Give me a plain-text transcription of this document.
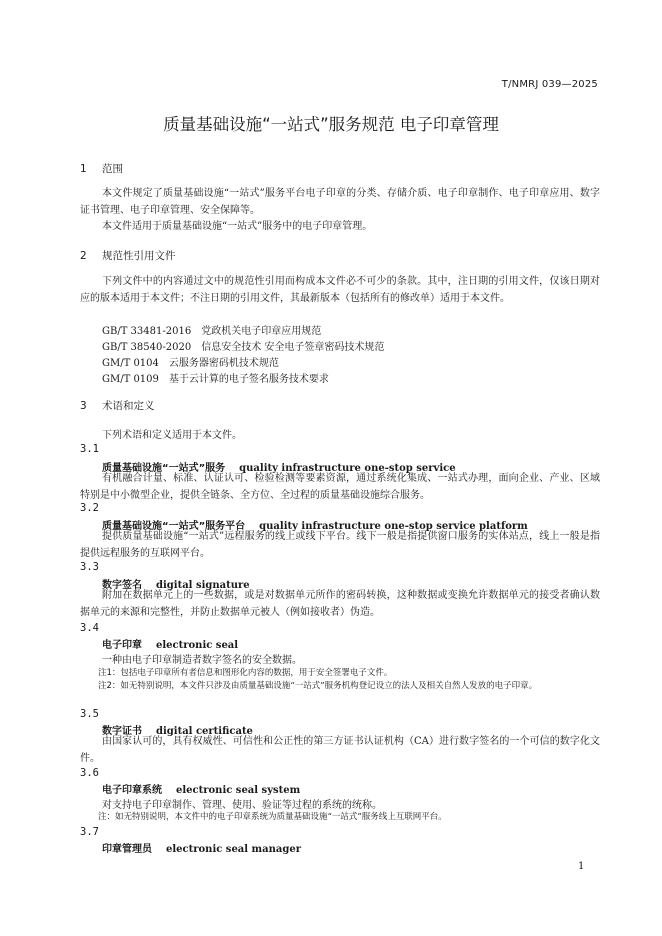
T/NMRJ 039—2025
质量基础设施“一站式”服务规范 电子印章管理
1 范围
本文件规定了质量基础设施“一站式”服务平台电子印章的分类、存储介质、电子印章制作、电子印章应用、数字证书管理、电子印章管理、安全保障等。
本文件适用于质量基础设施“一站式”服务中的电子印章管理。
2 规范性引用文件
下列文件中的内容通过文中的规范性引用而构成本文件必不可少的条款。其中，注日期的引用文件，仅该日期对应的版本适用于本文件；不注日期的引用文件，其最新版本（包括所有的修改单）适用于本文件。
GB/T 33481-2016　党政机关电子印章应用规范
GB/T 38540-2020　信息安全技术 安全电子签章密码技术规范
GM/T 0104　云服务器密码机技术规范
GM/T 0109　基于云计算的电子签名服务技术要求
3 术语和定义
下列术语和定义适用于本文件。
3.1
质量基础设施“一站式”服务 quality infrastructure one-stop service
有机融合计量、标准、认证认可、检验检测等要素资源，通过系统化集成、一站式办理，面向企业、产业、区域特别是中小微型企业，提供全链条、全方位、全过程的质量基础设施综合服务。
3.2
质量基础设施“一站式”服务平台 quality infrastructure one-stop service platform
提供质量基础设施“一站式”远程服务的线上或线下平台。线下一般是指提供窗口服务的实体站点，线上一般是指提供远程服务的互联网平台。
3.3
数字签名 digital signature
附加在数据单元上的一些数据，或是对数据单元所作的密码转换，这种数据或变换允许数据单元的接受者确认数据单元的来源和完整性，并防止数据单元被人（例如接收者）伪造。
3.4
电子印章 electronic seal
一种由电子印章制造者数字签名的安全数据。
注1：包括电子印章所有者信息和图形化内容的数据，用于安全签署电子文件。
注2：如无特别说明，本文件只涉及由质量基础设施“一站式”服务机构登记设立的法人及相关自然人发放的电子印章。
3.5
数字证书 digital certificate
由国家认可的，具有权威性、可信性和公正性的第三方证书认证机构（CA）进行数字签名的一个可信的数字化文件。
3.6
电子印章系统 electronic seal system
对支持电子印章制作、管理、使用、验证等过程的系统的统称。
注：如无特别说明，本文件中的电子印章系统为质量基础设施“一站式”服务线上互联网平台。
3.7
印章管理员 electronic seal manager
1
